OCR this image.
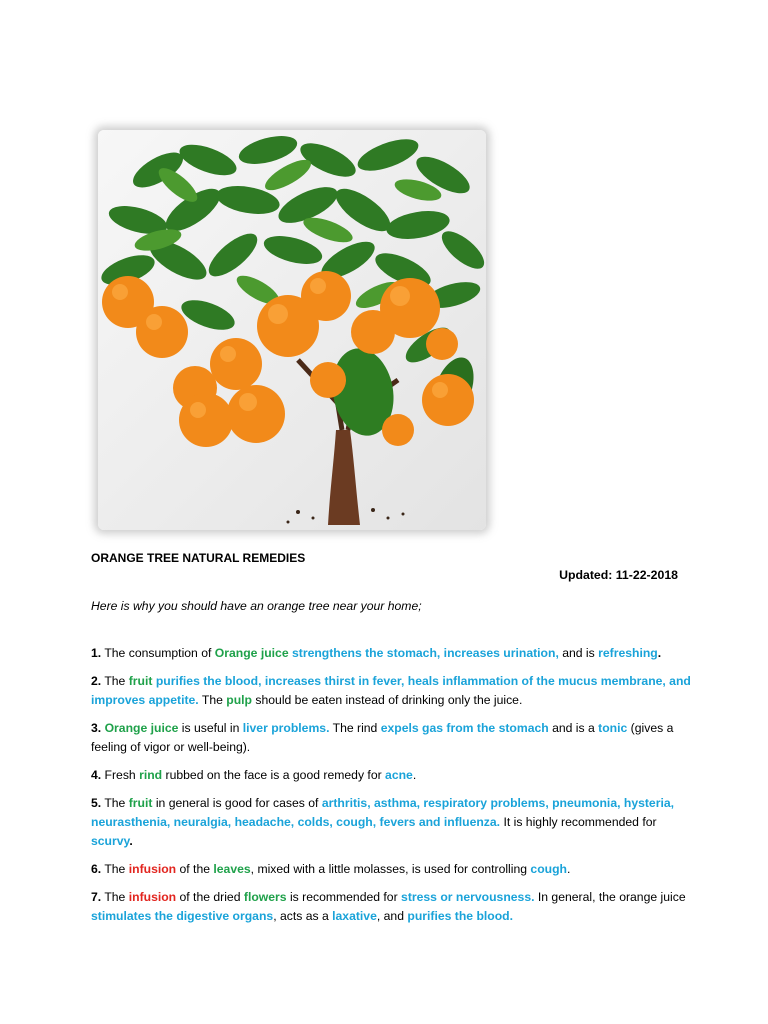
ORANGE TREE NATURAL REMEDIES
Updated: 11-22-2018
Here is why you should have an orange tree near your home;
1. The consumption of Orange juice strengthens the stomach, increases urination, and is refreshing.
2. The fruit purifies the blood, increases thirst in fever, heals inflammation of the mucus membrane, and improves appetite. The pulp should be eaten instead of drinking only the juice.
3. Orange juice is useful in liver problems. The rind expels gas from the stomach and is a tonic (gives a feeling of vigor or well-being).
4. Fresh rind rubbed on the face is a good remedy for acne.
5. The fruit in general is good for cases of arthritis, asthma, respiratory problems, pneumonia, hysteria, neurasthenia, neuralgia, headache, colds, cough, fevers and influenza. It is highly recommended for scurvy.
6. The infusion of the leaves, mixed with a little molasses, is used for controlling cough.
7. The infusion of the dried flowers is recommended for stress or nervousness. In general, the orange juice stimulates the digestive organs, acts as a laxative, and purifies the blood.
